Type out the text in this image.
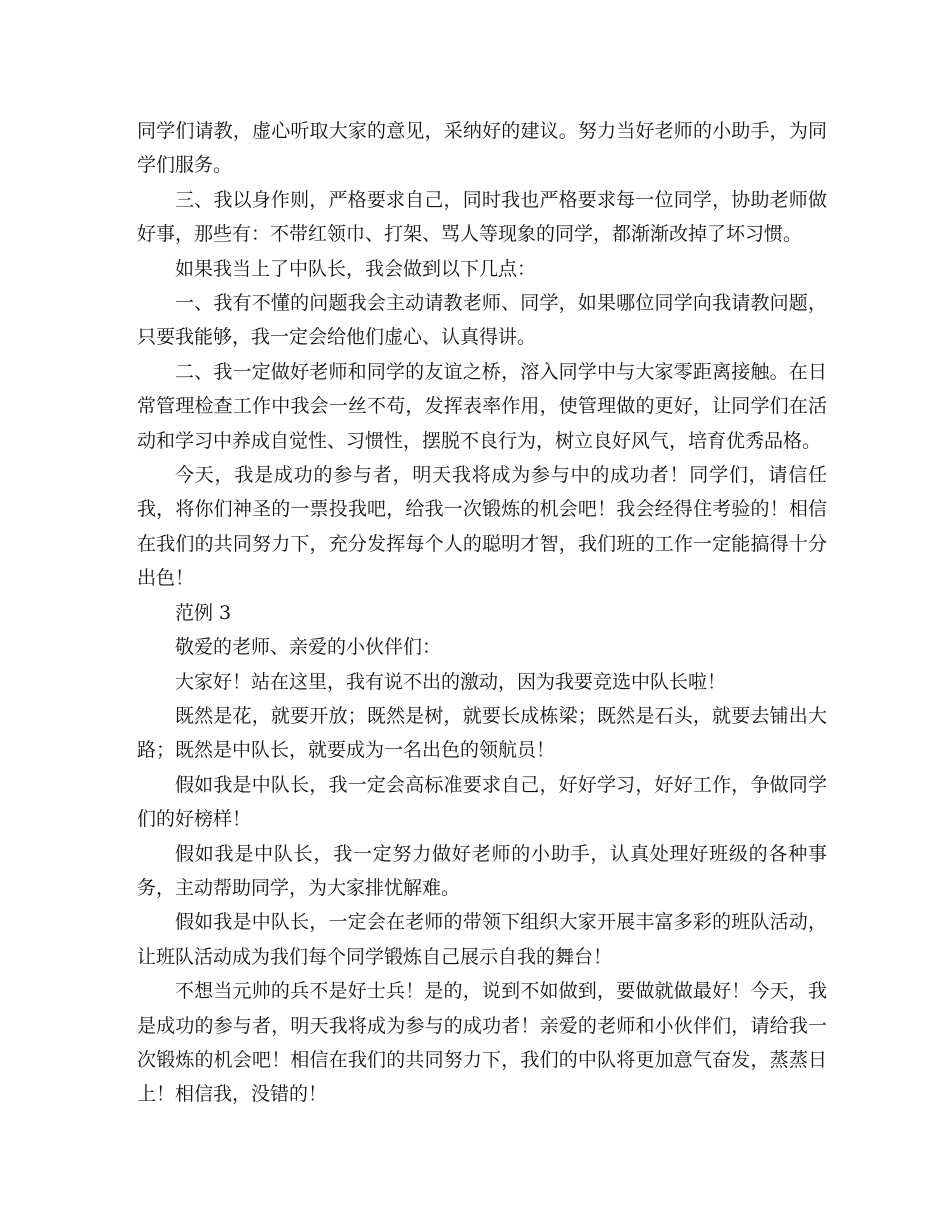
同学们请教，虚心听取大家的意见，采纳好的建议。努力当好老师的小助手，为同学们服务。

三、我以身作则，严格要求自己，同时我也严格要求每一位同学，协助老师做好事，那些有：不带红领巾、打架、骂人等现象的同学，都渐渐改掉了坏习惯。

如果我当上了中队长，我会做到以下几点：

一、我有不懂的问题我会主动请教老师、同学，如果哪位同学向我请教问题，只要我能够，我一定会给他们虚心、认真得讲。

二、我一定做好老师和同学的友谊之桥，溶入同学中与大家零距离接触。在日常管理检查工作中我会一丝不苟，发挥表率作用，使管理做的更好，让同学们在活动和学习中养成自觉性、习惯性，摆脱不良行为，树立良好风气，培育优秀品格。

今天，我是成功的参与者，明天我将成为参与中的成功者！同学们，请信任我，将你们神圣的一票投我吧，给我一次锻炼的机会吧！我会经得住考验的！相信在我们的共同努力下，充分发挥每个人的聪明才智，我们班的工作一定能搞得十分出色！

范例 3

敬爱的老师、亲爱的小伙伴们：

大家好！站在这里，我有说不出的激动，因为我要竞选中队长啦！

既然是花，就要开放；既然是树，就要长成栋梁；既然是石头，就要去铺出大路；既然是中队长，就要成为一名出色的领航员！

假如我是中队长，我一定会高标准要求自己，好好学习，好好工作，争做同学们的好榜样！

假如我是中队长，我一定努力做好老师的小助手，认真处理好班级的各种事务，主动帮助同学，为大家排忧解难。

假如我是中队长，一定会在老师的带领下组织大家开展丰富多彩的班队活动，让班队活动成为我们每个同学锻炼自己展示自我的舞台！

不想当元帅的兵不是好士兵！是的，说到不如做到，要做就做最好！今天，我是成功的参与者，明天我将成为参与的成功者！亲爱的老师和小伙伴们，请给我一次锻炼的机会吧！相信在我们的共同努力下，我们的中队将更加意气奋发，蒸蒸日上！相信我，没错的！
